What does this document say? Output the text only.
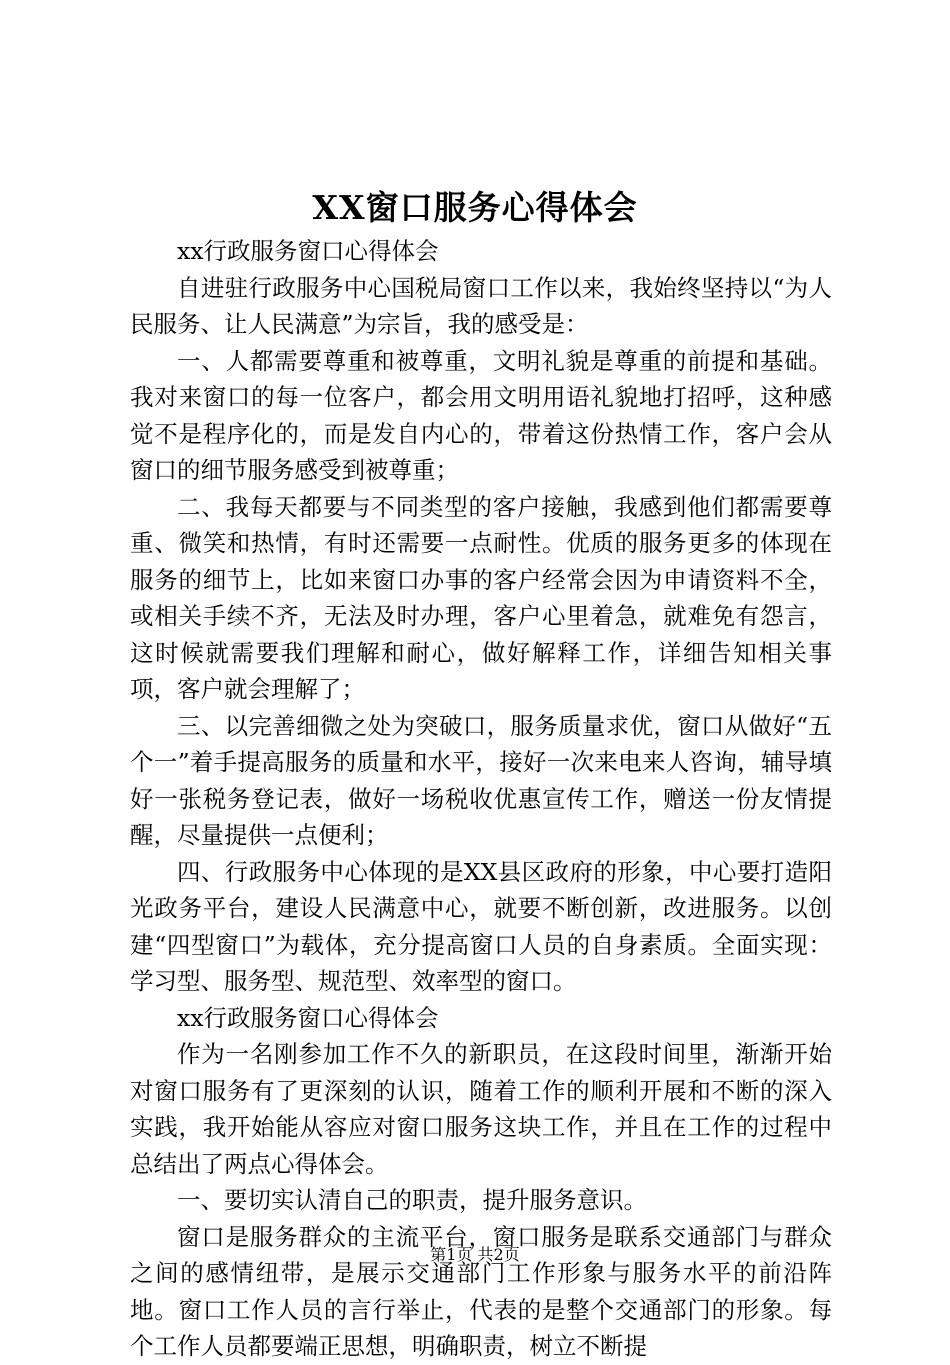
XX窗口服务心得体会

xx行政服务窗口心得体会

自进驻行政服务中心国税局窗口工作以来，我始终坚持以“为人民服务、让人民满意”为宗旨，我的感受是：

一、人都需要尊重和被尊重，文明礼貌是尊重的前提和基础。我对来窗口的每一位客户，都会用文明用语礼貌地打招呼，这种感觉不是程序化的，而是发自内心的，带着这份热情工作，客户会从窗口的细节服务感受到被尊重；

二、我每天都要与不同类型的客户接触，我感到他们都需要尊重、微笑和热情，有时还需要一点耐性。优质的服务更多的体现在服务的细节上，比如来窗口办事的客户经常会因为申请资料不全，或相关手续不齐，无法及时办理，客户心里着急，就难免有怨言，这时候就需要我们理解和耐心，做好解释工作，详细告知相关事项，客户就会理解了；

三、以完善细微之处为突破口，服务质量求优，窗口从做好“五个一”着手提高服务的质量和水平，接好一次来电来人咨询，辅导填好一张税务登记表，做好一场税收优惠宣传工作，赠送一份友情提醒，尽量提供一点便利；

四、行政服务中心体现的是XX县区政府的形象，中心要打造阳光政务平台，建设人民满意中心，就要不断创新，改进服务。以创建“四型窗口”为载体，充分提高窗口人员的自身素质。全面实现：学习型、服务型、规范型、效率型的窗口。

xx行政服务窗口心得体会

作为一名刚参加工作不久的新职员，在这段时间里，渐渐开始对窗口服务有了更深刻的认识，随着工作的顺利开展和不断的深入实践，我开始能从容应对窗口服务这块工作，并且在工作的过程中总结出了两点心得体会。

一、要切实认清自己的职责，提升服务意识。

窗口是服务群众的主流平台，窗口服务是联系交通部门与群众之间的感情纽带，是展示交通部门工作形象与服务水平的前沿阵地。窗口工作人员的言行举止，代表的是整个交通部门的形象。每个工作人员都要端正思想，明确职责，树立不断提

第1页 共2页
